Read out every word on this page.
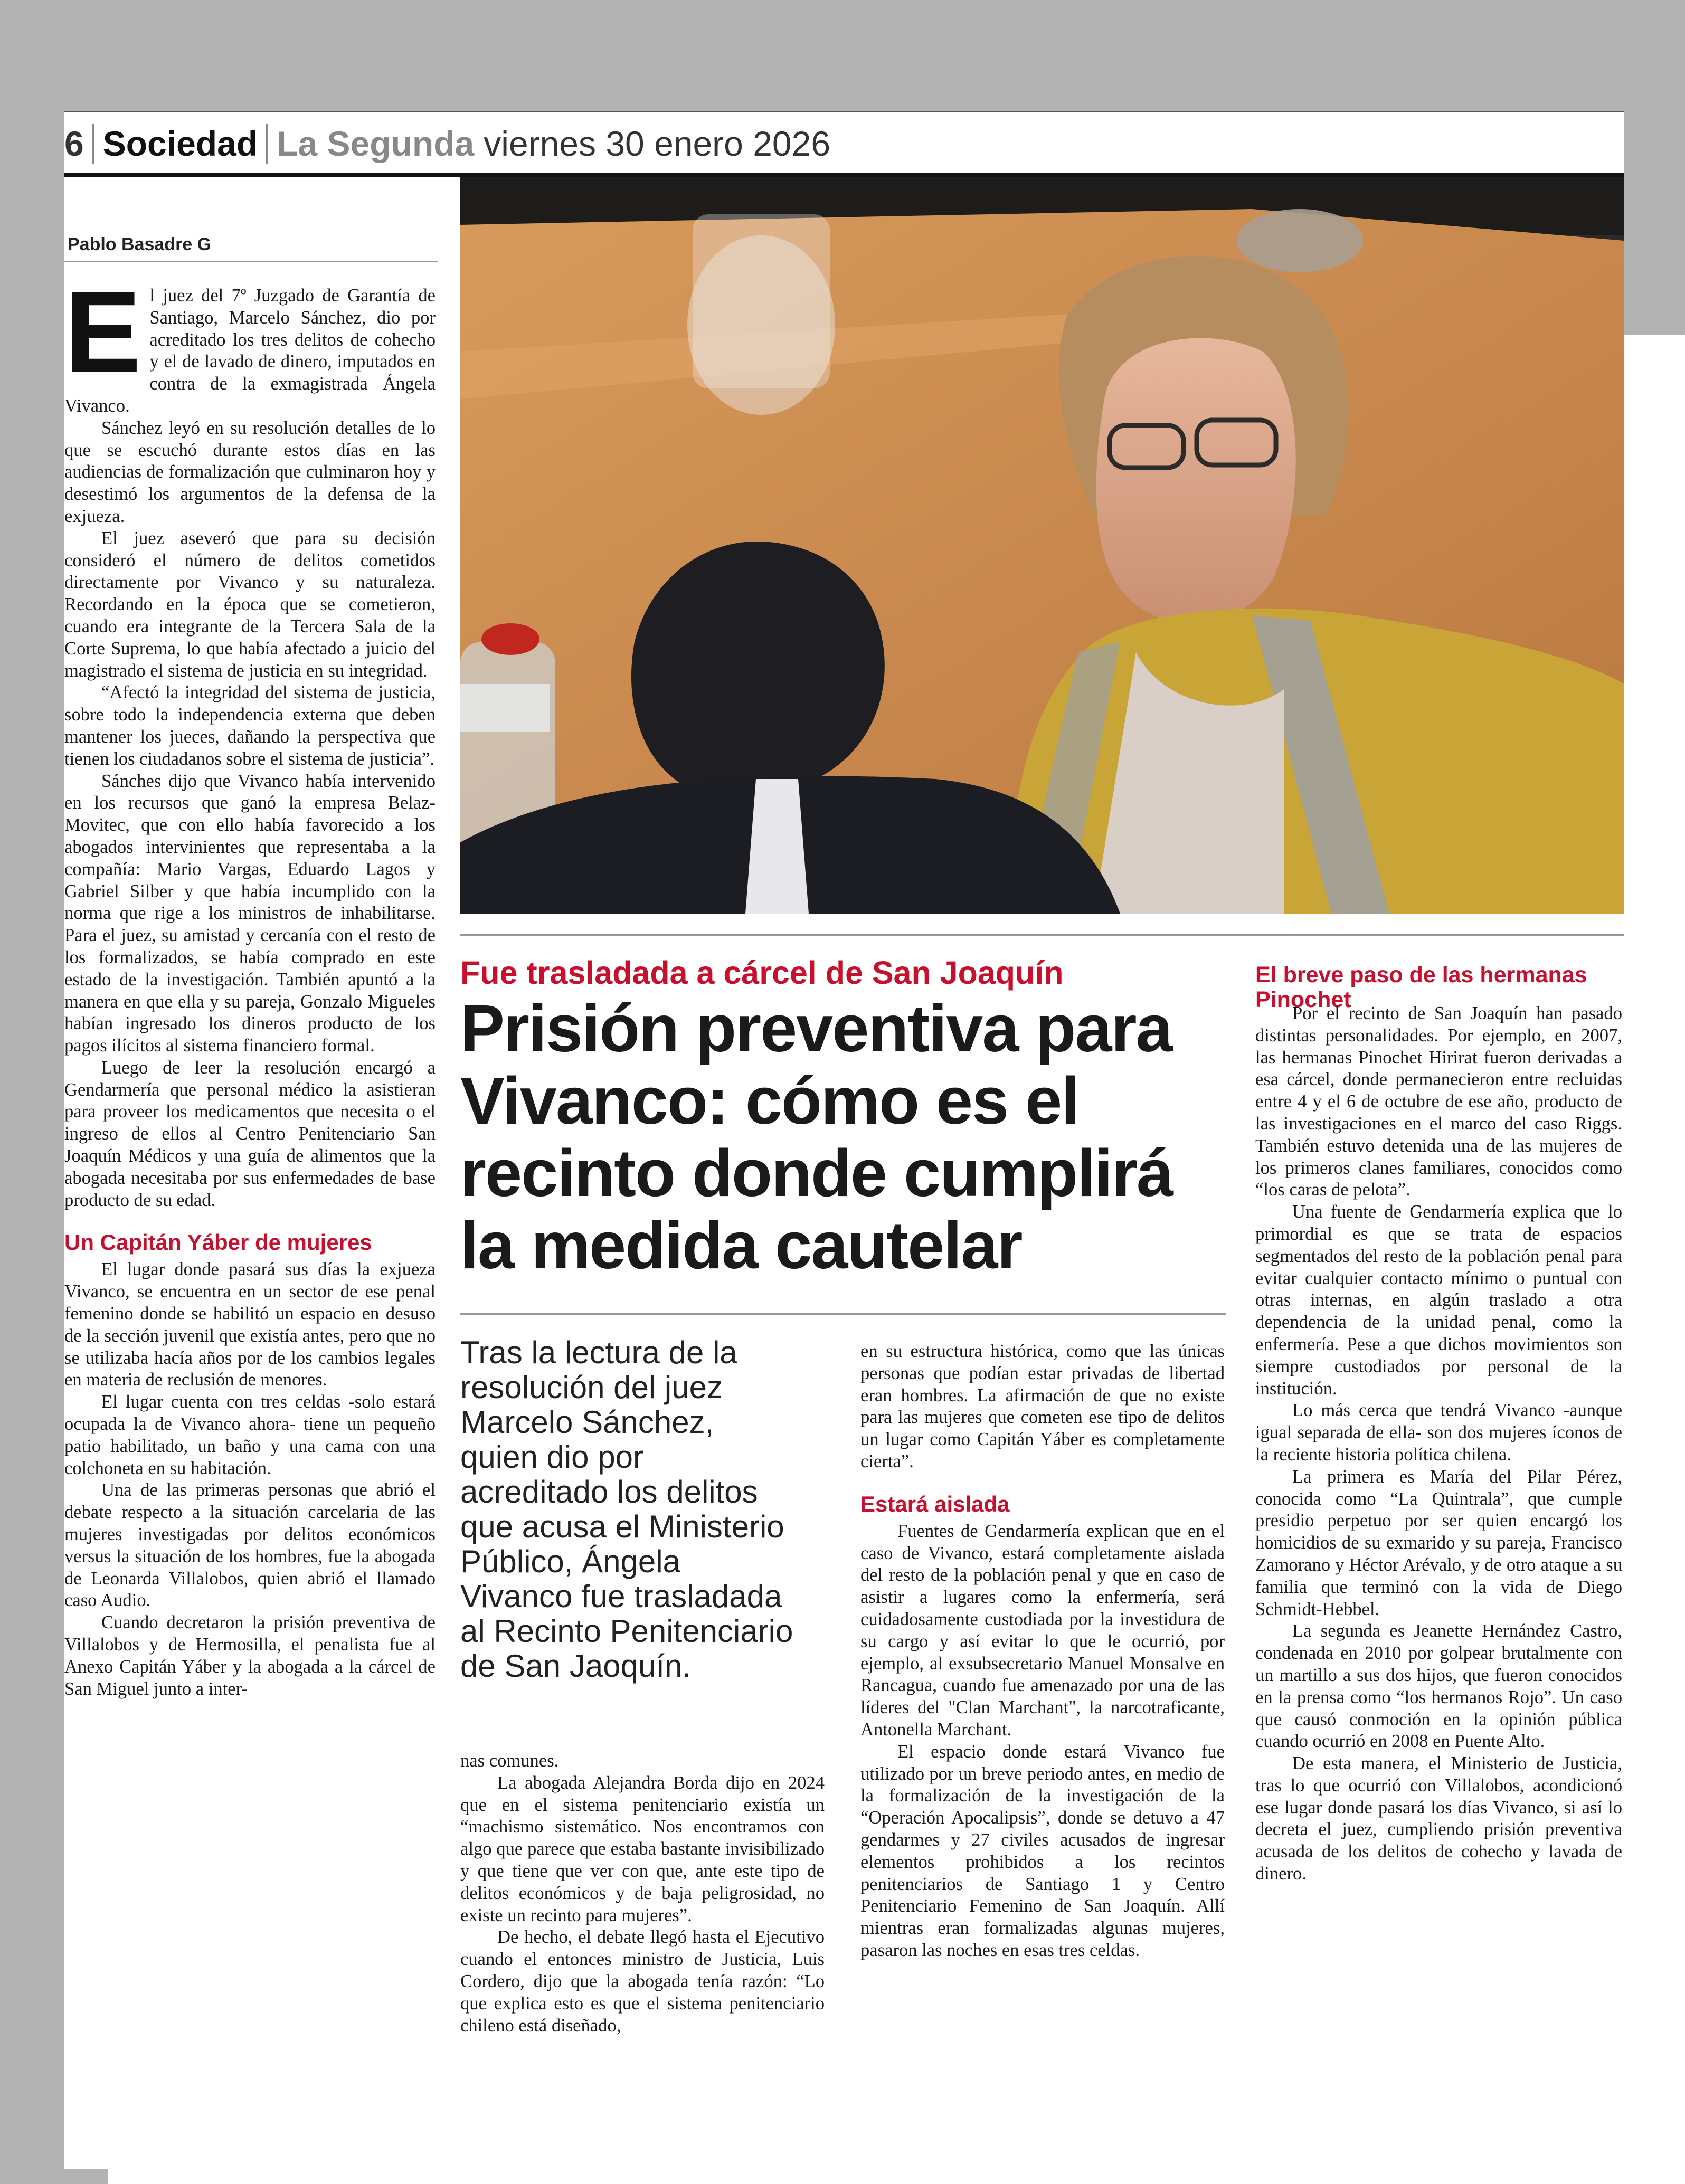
6 Sociedad La Segunda viernes 30 enero 2026
Pablo Basadre G
E l juez del 7º Juzgado de Garantía de Santiago, Marcelo Sánchez, dio por acreditado los tres delitos de cohecho y el de lavado de dinero, imputados en contra de la exmagistrada Ángela Vivanco.

Sánchez leyó en su resolución detalles de lo que se escuchó durante estos días en las audiencias de formalización que culminaron hoy y desestimó los argumentos de la defensa de la exjueza.

El juez aseveró que para su decisión consideró el número de delitos cometidos directamente por Vivanco y su naturaleza. Recordando en la época que se cometieron, cuando era integrante de la Tercera Sala de la Corte Suprema, lo que había afectado a juicio del magistrado el sistema de justicia en su integridad.

“Afectó la integridad del sistema de justicia, sobre todo la independencia externa que deben mantener los jueces, dañando la perspectiva que tienen los ciudadanos sobre el sistema de justicia”.

Sánches dijo que Vivanco había intervenido en los recursos que ganó la empresa Belaz-Movitec, que con ello había favorecido a los abogados intervinientes que representaba a la compañía: Mario Vargas, Eduardo Lagos y Gabriel Silber y que había incumplido con la norma que rige a los ministros de inhabilitarse. Para el juez, su amistad y cercanía con el resto de los formalizados, se había comprado en este estado de la investigación. También apuntó a la manera en que ella y su pareja, Gonzalo Migueles habían ingresado los dineros producto de los pagos ilícitos al sistema financiero formal.

Luego de leer la resolución encargó a Gendarmería que personal médico la asistieran para proveer los medicamentos que necesita o el ingreso de ellos al Centro Penitenciario San Joaquín Médicos y una guía de alimentos que la abogada necesitaba por sus enfermedades de base producto de su edad.

Un Capitán Yáber de mujeres

El lugar donde pasará sus días la exjueza Vivanco, se encuentra en un sector de ese penal femenino donde se habilitó un espacio en desuso de la sección juvenil que existía antes, pero que no se utilizaba hacía años por de los cambios legales en materia de reclusión de menores.

El lugar cuenta con tres celdas -solo estará ocupada la de Vivanco ahora- tiene un pequeño patio habilitado, un baño y una cama con una colchoneta en su habitación.

Una de las primeras personas que abrió el debate respecto a la situación carcelaria de las mujeres investigadas por delitos económicos versus la situación de los hombres, fue la abogada de Leonarda Villalobos, quien abrió el llamado caso Audio.

Cuando decretaron la prisión preventiva de Villalobos y de Hermosilla, el penalista fue al Anexo Capitán Yáber y la abogada a la cárcel de San Miguel junto a inter-

Fue trasladada a cárcel de San Joaquín
Prisión preventiva para Vivanco: cómo es el recinto donde cumplirá la medida cautelar
Tras la lectura de la resolución del juez Marcelo Sánchez, quien dio por acreditado los delitos que acusa el Ministerio Público, Ángela Vivanco fue trasladada al Recinto Penitenciario de San Jaoquín.

nas comunes.

La abogada Alejandra Borda dijo en 2024 que en el sistema penitenciario existía un “machismo sistemático. Nos encontramos con algo que parece que estaba bastante invisibilizado y que tiene que ver con que, ante este tipo de delitos económicos y de baja peligrosidad, no existe un recinto para mujeres”.

De hecho, el debate llegó hasta el Ejecutivo cuando el entonces ministro de Justicia, Luis Cordero, dijo que la abogada tenía razón: “Lo que explica esto es que el sistema penitenciario chileno está diseñado,

en su estructura histórica, como que las únicas personas que podían estar privadas de libertad eran hombres. La afirmación de que no existe para las mujeres que cometen ese tipo de delitos un lugar como Capitán Yáber es completamente cierta”.

Estará aislada

Fuentes de Gendarmería explican que en el caso de Vivanco, estará completamente aislada del resto de la población penal y que en caso de asistir a lugares como la enfermería, será cuidadosamente custodiada por la investidura de su cargo y así evitar lo que le ocurrió, por ejemplo, al exsubsecretario Manuel Monsalve en Rancagua, cuando fue amenazado por una de las líderes del "Clan Marchant", la narcotraficante, Antonella Marchant.

El espacio donde estará Vivanco fue utilizado por un breve periodo antes, en medio de la formalización de la investigación de la “Operación Apocalipsis”, donde se detuvo a 47 gendarmes y 27 civiles acusados de ingresar elementos prohibidos a los recintos penitenciarios de Santiago 1 y Centro Penitenciario Femenino de San Joaquín. Allí mientras eran formalizadas algunas mujeres, pasaron las noches en esas tres celdas.

El breve paso de las hermanas Pinochet

Por el recinto de San Joaquín han pasado distintas personalidades. Por ejemplo, en 2007, las hermanas Pinochet Hirirat fueron derivadas a esa cárcel, donde permanecieron entre recluidas entre 4 y el 6 de octubre de ese año, producto de las investigaciones en el marco del caso Riggs. También estuvo detenida una de las mujeres de los primeros clanes familiares, conocidos como “los caras de pelota”.

Una fuente de Gendarmería explica que lo primordial es que se trata de espacios segmentados del resto de la población penal para evitar cualquier contacto mínimo o puntual con otras internas, en algún traslado a otra dependencia de la unidad penal, como la enfermería. Pese a que dichos movimientos son siempre custodiados por personal de la institución.

Lo más cerca que tendrá Vivanco -aunque igual separada de ella- son dos mujeres íconos de la reciente historia política chilena.

La primera es María del Pilar Pérez, conocida como “La Quintrala”, que cumple presidio perpetuo por ser quien encargó los homicidios de su exmarido y su pareja, Francisco Zamorano y Héctor Arévalo, y de otro ataque a su familia que terminó con la vida de Diego Schmidt-Hebbel.

La segunda es Jeanette Hernández Castro, condenada en 2010 por golpear brutalmente con un martillo a sus dos hijos, que fueron conocidos en la prensa como “los hermanos Rojo”. Un caso que causó conmoción en la opinión pública cuando ocurrió en 2008 en Puente Alto.

De esta manera, el Ministerio de Justicia, tras lo que ocurrió con Villalobos, acondicionó ese lugar donde pasará los días Vivanco, si así lo decreta el juez, cumpliendo prisión preventiva acusada de los delitos de cohecho y lavada de dinero.
